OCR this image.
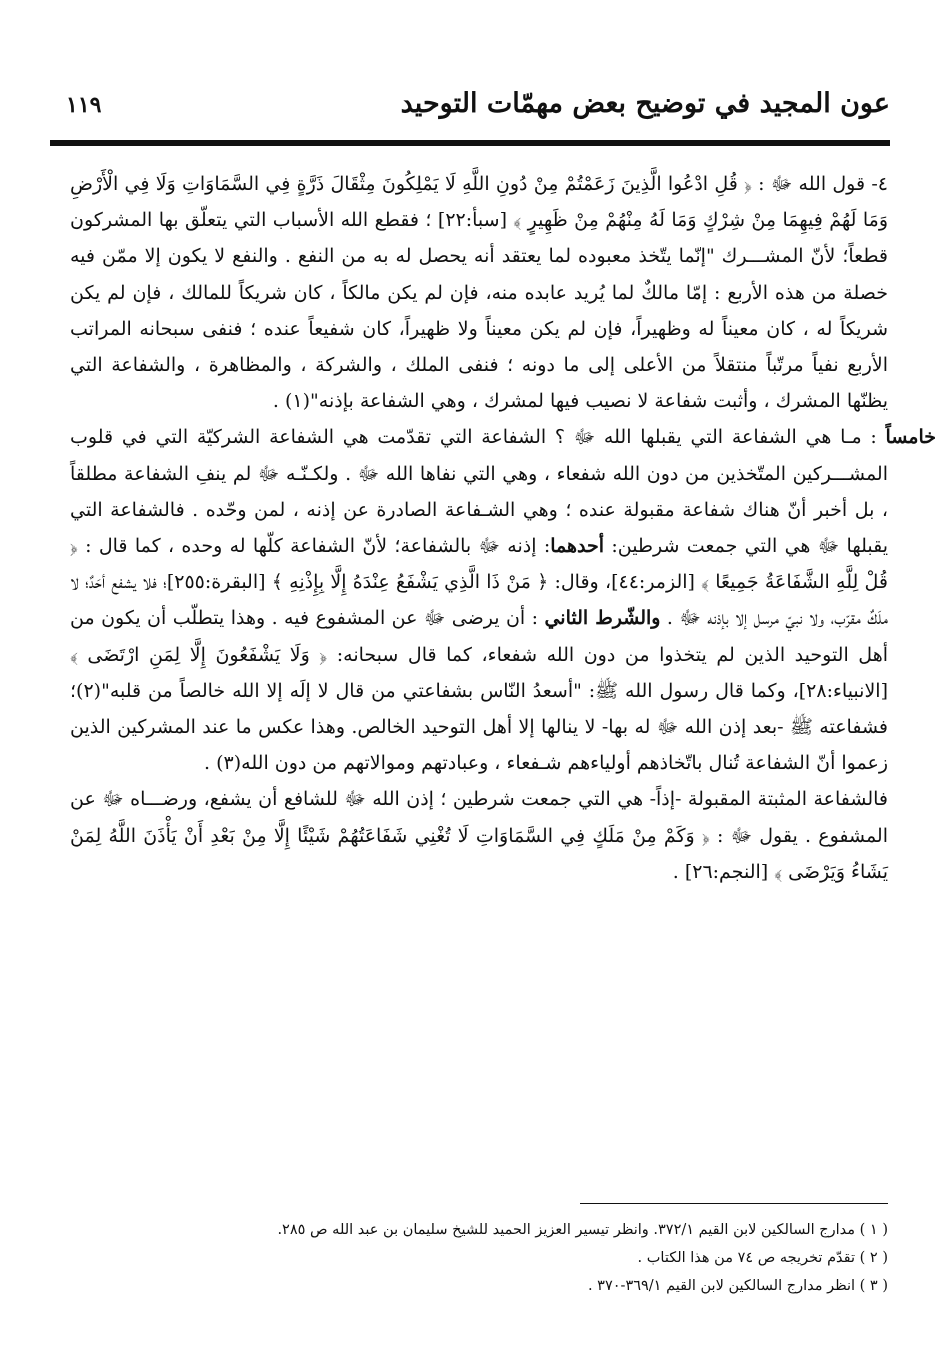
عون المجيد في توضيح بعض مهمّات التوحيد
١١٩

٤- قول الله ﷻ : ﴿ قُلِ ادْعُوا الَّذِينَ زَعَمْتُمْ مِنْ دُونِ اللَّهِ لَا يَمْلِكُونَ مِثْقَالَ ذَرَّةٍ فِي السَّمَاوَاتِ وَلَا فِي الْأَرْضِ وَمَا لَهُمْ فِيهِمَا مِنْ شِرْكٍ وَمَا لَهُ مِنْهُمْ مِنْ ظَهِيرٍ ﴾ [سبأ:٢٢] ؛ فقطع الله الأسباب التي يتعلّق بها المشركون قطعاً؛ لأنّ المشـــرك "إنّما يتّخذ معبوده لما يعتقد أنه يحصل له به من النفع . والنفع لا يكون إلا ممّن فيه خصلة من هذه الأربع : إمّا مالكٌ لما يُريد عابده منه، فإن لم يكن مالكاً ، كان شريكاً للمالك ، فإن لم يكن شريكاً له ، كان معيناً له وظهيراً، فإن لم يكن معيناً ولا ظهيراً، كان شفيعاً عنده ؛ فنفى سبحانه المراتب الأربع نفياً مرتّباً منتقلاً من الأعلى إلى ما دونه ؛ فنفى الملك ، والشركة ، والمظاهرة ، والشفاعة التي يظنّها المشرك ، وأثبت شفاعة لا نصيب فيها لمشرك ، وهي الشفاعة بإذنه"(١) .

خامساً : مـا هي الشفاعة التي يقبلها الله ﷻ ؟ الشفاعة التي تقدّمت هي الشفاعة الشركيّة التي في قلوب المشـــركين المتّخذين من دون الله شفعاء ، وهي التي نفاها الله ﷻ . ولكـنّـه ﷻ لم ينفِ الشفاعة مطلقاً ، بل أخبر أنّ هناك شفاعة مقبولة عنده ؛ وهي الشـفاعة الصادرة عن إذنه ، لمن وحّده . فالشفاعة التي يقبلها ﷻ هي التي جمعت شرطين: أحدهما: إذنه ﷻ بالشفاعة؛ لأنّ الشفاعة كلّها له وحده ، كما قال : ﴿ قُلْ لِلَّهِ الشَّفَاعَةُ جَمِيعًا ﴾ [الزمر:٤٤]، وقال: ﴿ مَنْ ذَا الَّذِي يَشْفَعُ عِنْدَهُ إِلَّا بِإِذْنِهِ ﴾ [البقرة:٢٥٥]؛ فلا يشفع أحَدٌ؛ لا ملَكٌ مقرّب، ولا نبيّ مرسل إلا بإذنه ﷻ . والشّرط الثاني : أن يرضى ﷻ عن المشفوع فيه . وهذا يتطلّب أن يكون من أهل التوحيد الذين لم يتخذوا من دون الله شفعاء، كما قال سبحانه: ﴿ وَلَا يَشْفَعُونَ إِلَّا لِمَنِ ارْتَضَى ﴾ [الانبياء:٢٨]، وكما قال رسول الله ﷺ: "أسعدُ النّاس بشفاعتي من قال لا إلَه إلا الله خالصاً من قلبه"(٢)؛ فشفاعته ﷺ -بعد إذن الله ﷻ له بها- لا ينالها إلا أهل التوحيد الخالص. وهذا عكس ما عند المشركين الذين زعموا أنّ الشفاعة تُنال باتّخاذهم أولياءهم شـفعاء ، وعبادتهم وموالاتهم من دون الله(٣) .

فالشفاعة المثبتة المقبولة -إذاً- هي التي جمعت شرطين ؛ إذن الله ﷻ للشافع أن يشفع، ورضـــاه ﷻ عن المشفوع . يقول ﷻ : ﴿ وَكَمْ مِنْ مَلَكٍ فِي السَّمَاوَاتِ لَا تُغْنِي شَفَاعَتُهُمْ شَيْئًا إِلَّا مِنْ بَعْدِ أَنْ يَأْذَنَ اللَّهُ لِمَنْ يَشَاءُ وَيَرْضَى ﴾ [النجم:٢٦] .

( ١ ) مدارج السالكين لابن القيم ٣٧٢/١. وانظر تيسير العزيز الحميد للشيخ سليمان بن عبد الله ص ٢٨٥.

( ٢ ) تقدّم تخريجه ص ٧٤ من هذا الكتاب .

( ٣ ) انظر مدارج السالكين لابن القيم ٣٦٩/١-٣٧٠ .
